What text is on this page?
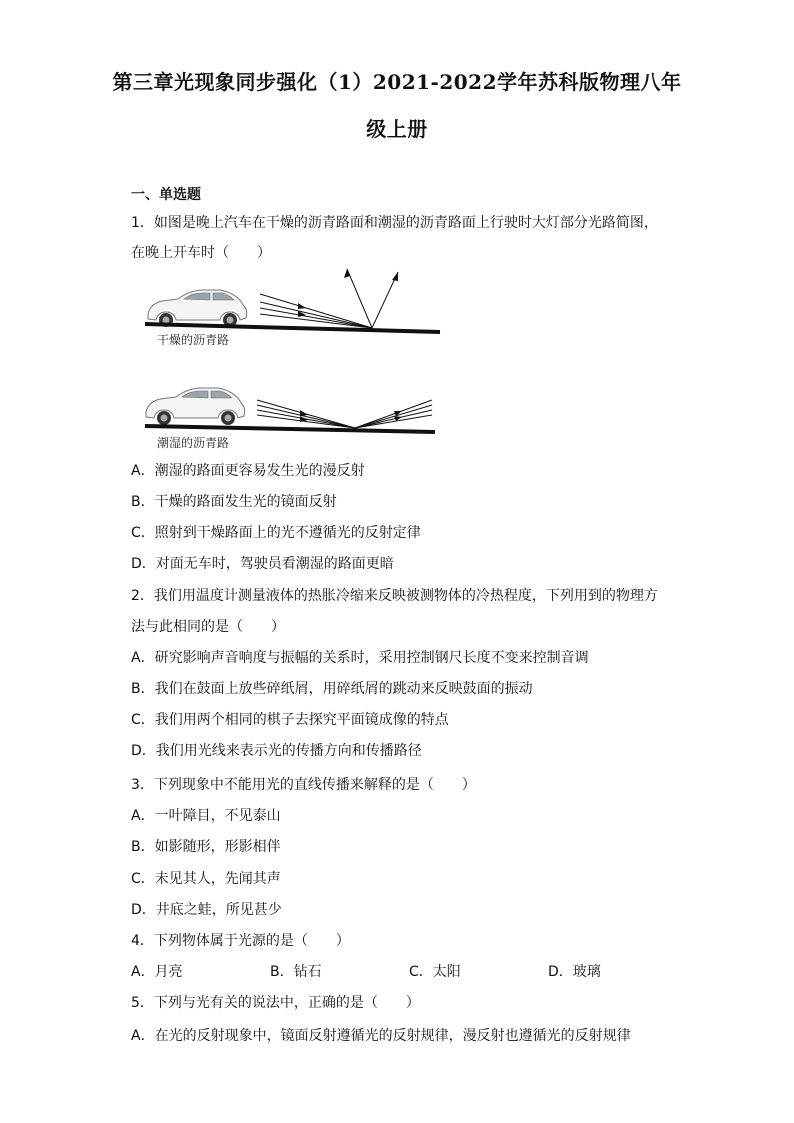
第三章光现象同步强化（1）2021-2022学年苏科版物理八年
级上册
一、单选题
1．如图是晚上汽车在干燥的沥青路面和潮湿的沥青路面上行驶时大灯部分光路简图，
在晚上开车时（　　）
干燥的沥青路
潮湿的沥青路
A．潮湿的路面更容易发生光的漫反射
B．干燥的路面发生光的镜面反射
C．照射到干燥路面上的光不遵循光的反射定律
D．对面无车时，驾驶员看潮湿的路面更暗
2．我们用温度计测量液体的热胀冷缩来反映被测物体的冷热程度，下列用到的物理方
法与此相同的是（　　）
A．研究影响声音响度与振幅的关系时，采用控制钢尺长度不变来控制音调
B．我们在鼓面上放些碎纸屑，用碎纸屑的跳动来反映鼓面的振动
C．我们用两个相同的棋子去探究平面镜成像的特点
D．我们用光线来表示光的传播方向和传播路径
3．下列现象中不能用光的直线传播来解释的是（　　）
A．一叶障目，不见泰山
B．如影随形，形影相伴
C．未见其人，先闻其声
D．井底之蛙，所见甚少
4．下列物体属于光源的是（　　）
A．月亮	B．钻石	C．太阳	D．玻璃
5．下列与光有关的说法中，正确的是（　　）
A．在光的反射现象中，镜面反射遵循光的反射规律，漫反射也遵循光的反射规律
